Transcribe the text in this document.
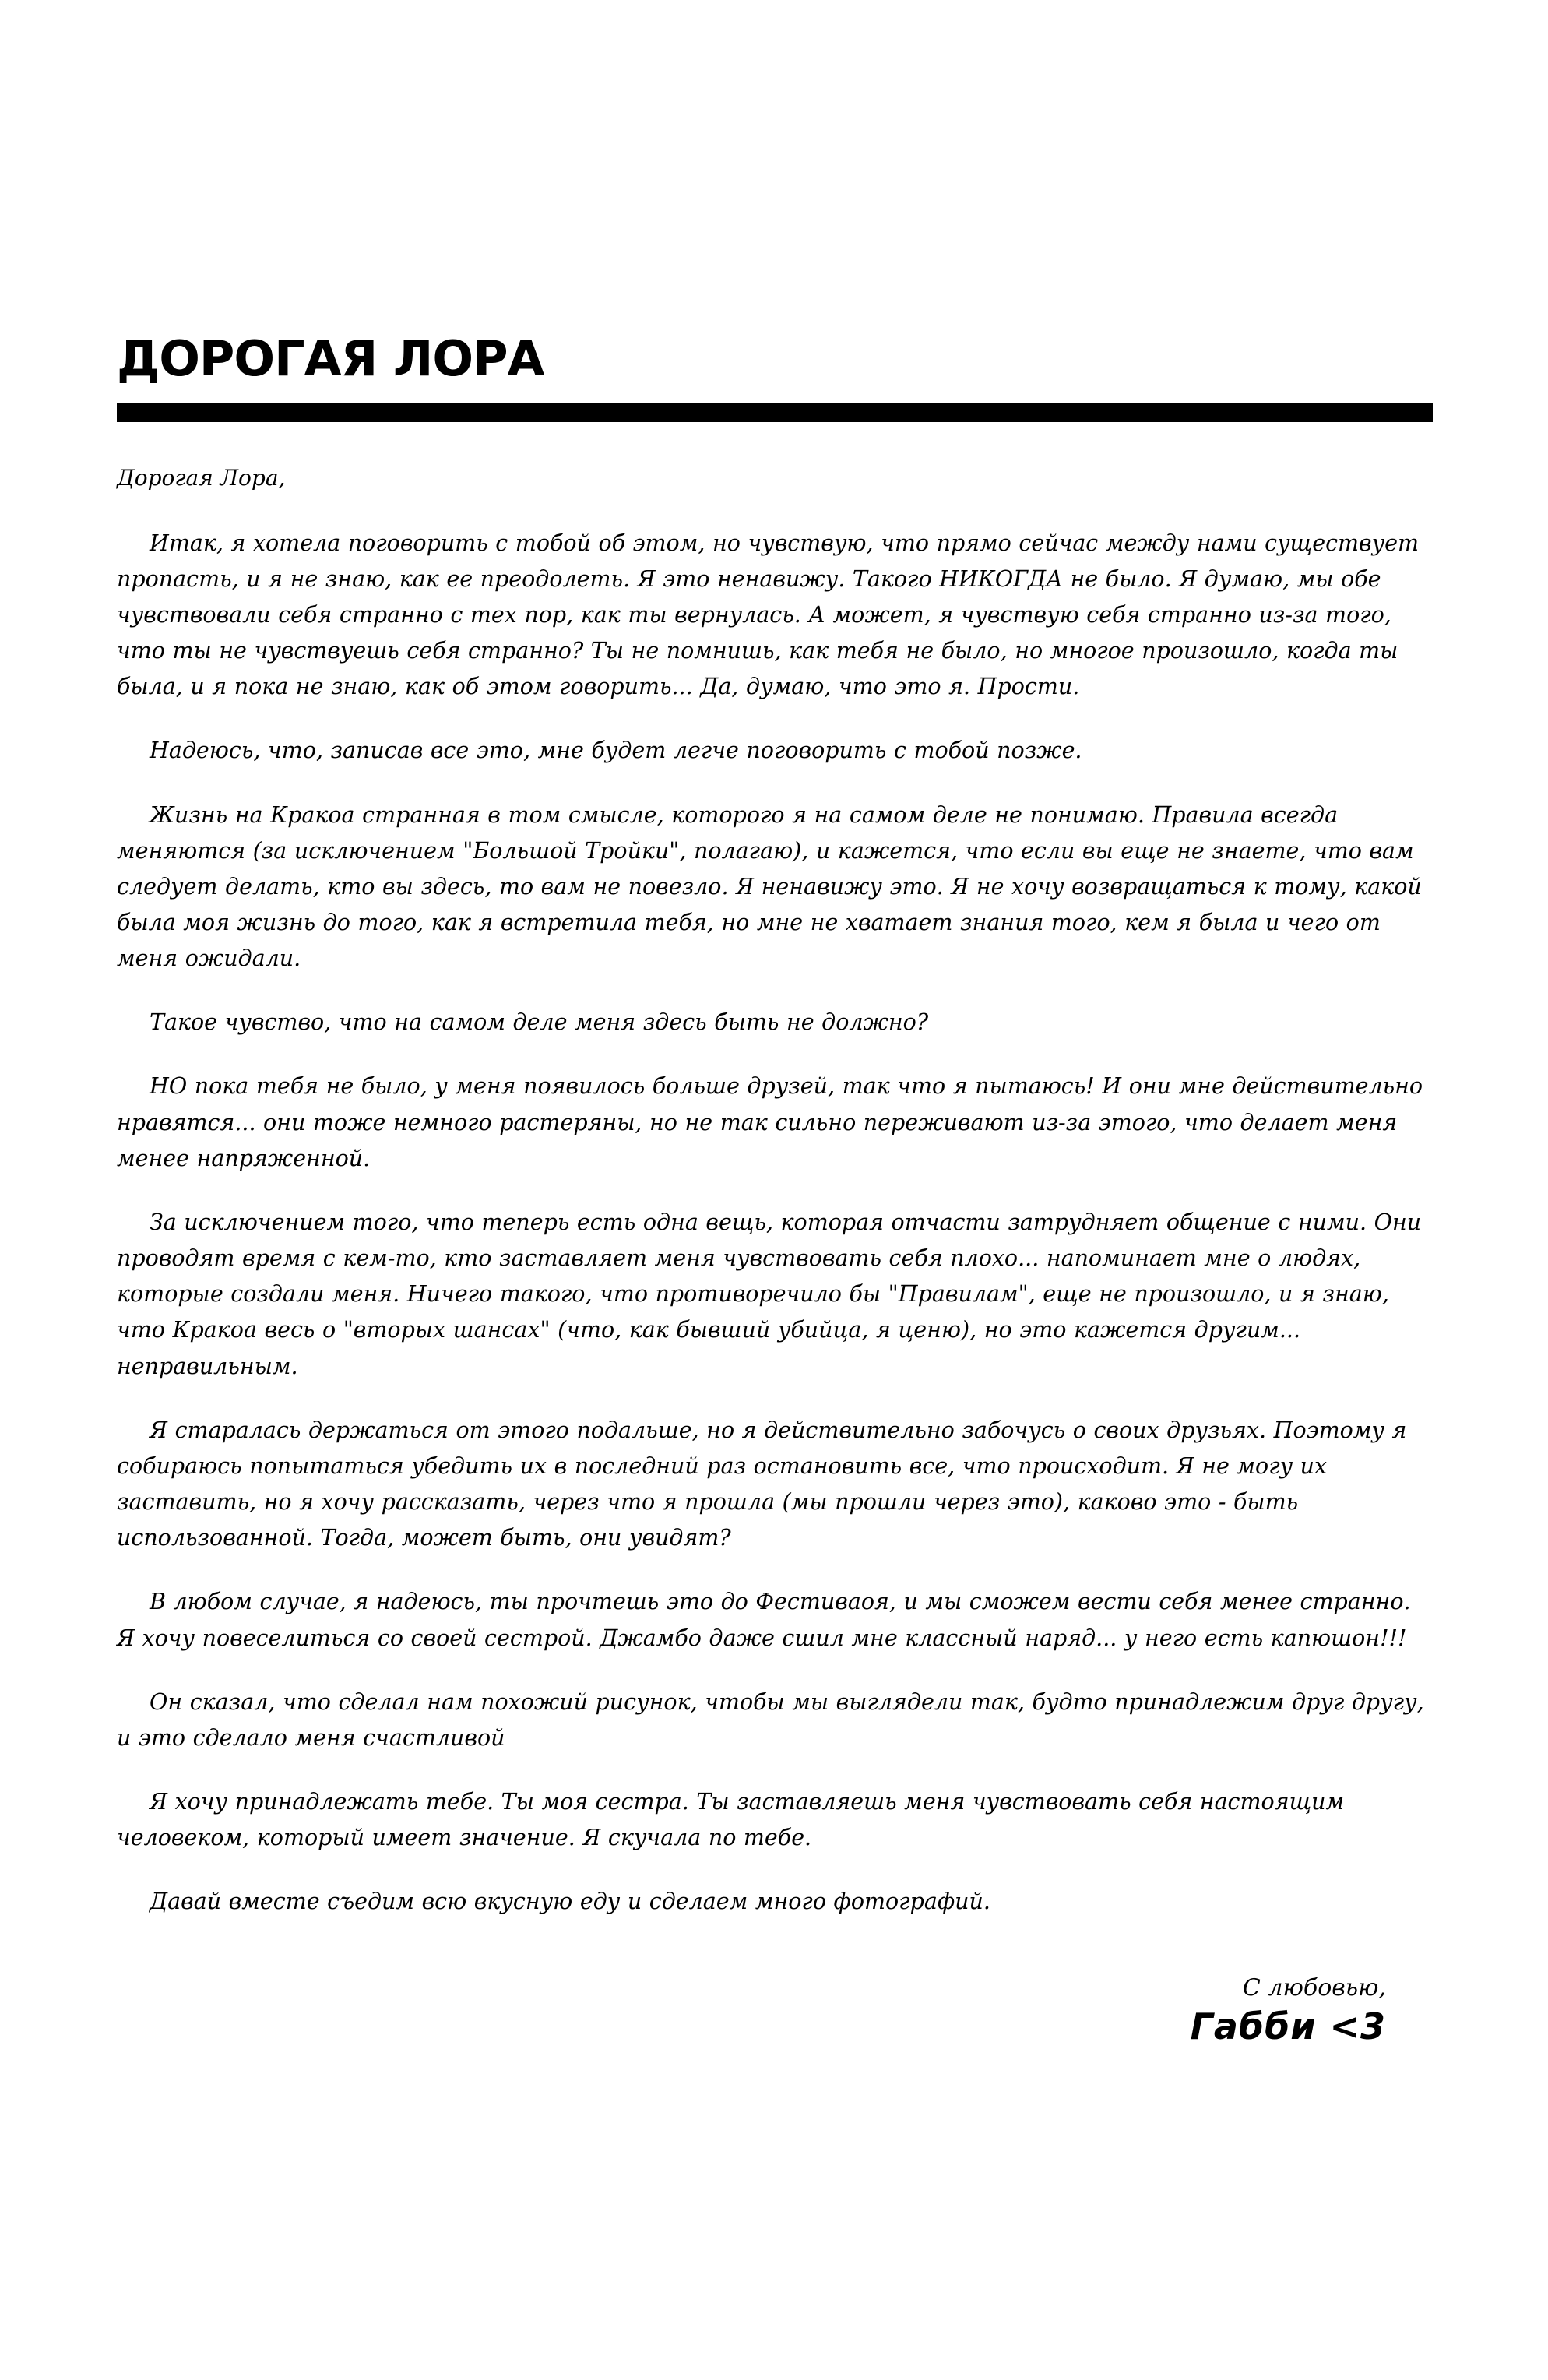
ДОРОГАЯ ЛОРА
Дорогая Лора,

Итак, я хотела поговорить с тобой об этом, но чувствую, что прямо сейчас между нами существует пропасть, и я не знаю, как ее преодолеть. Я это ненавижу. Такого НИКОГДА не было. Я думаю, мы обе чувствовали себя странно с тех пор, как ты вернулась. А может, я чувствую себя странно из-за того, что ты не чувствуешь себя странно? Ты не помнишь, как тебя не было, но многое произошло, когда ты была, и я пока не знаю, как об этом говорить... Да, думаю, что это я. Прости.

Надеюсь, что, записав все это, мне будет легче поговорить с тобой позже.

Жизнь на Кракоа странная в том смысле, которого я на самом деле не понимаю. Правила всегда меняются (за исключением "Большой Тройки", полагаю), и кажется, что если вы еще не знаете, что вам следует делать, кто вы здесь, то вам не повезло. Я ненавижу это. Я не хочу возвращаться к тому, какой была моя жизнь до того, как я встретила тебя, но мне не хватает знания того, кем я была и чего от меня ожидали.

Такое чувство, что на самом деле меня здесь быть не должно?

НО пока тебя не было, у меня появилось больше друзей, так что я пытаюсь! И они мне действительно нравятся... они тоже немного растеряны, но не так сильно переживают из-за этого, что делает меня менее напряженной.

За исключением того, что теперь есть одна вещь, которая отчасти затрудняет общение с ними. Они проводят время с кем-то, кто заставляет меня чувствовать себя плохо... напоминает мне о людях, которые создали меня. Ничего такого, что противоречило бы "Правилам", еще не произошло, и я знаю, что Кракоа весь о "вторых шансах" (что, как бывший убийца, я ценю), но это кажется другим... неправильным.

Я старалась держаться от этого подальше, но я действительно забочусь о своих друзьях. Поэтому я собираюсь попытаться убедить их в последний раз остановить все, что происходит. Я не могу их заставить, но я хочу рассказать, через что я прошла (мы прошли через это), каково это - быть использованной. Тогда, может быть, они увидят?

В любом случае, я надеюсь, ты прочтешь это до Фестиваоя, и мы сможем вести себя менее странно. Я хочу повеселиться со своей сестрой. Джамбо даже сшил мне классный наряд... у него есть капюшон!!!

Он сказал, что сделал нам похожий рисунок, чтобы мы выглядели так, будто принадлежим друг другу, и это сделало меня счастливой

Я хочу принадлежать тебе. Ты моя сестра. Ты заставляешь меня чувствовать себя настоящим человеком, который имеет значение. Я скучала по тебе.

Давай вместе съедим всю вкусную еду и сделаем много фотографий.

С любовью,
Габби <3
